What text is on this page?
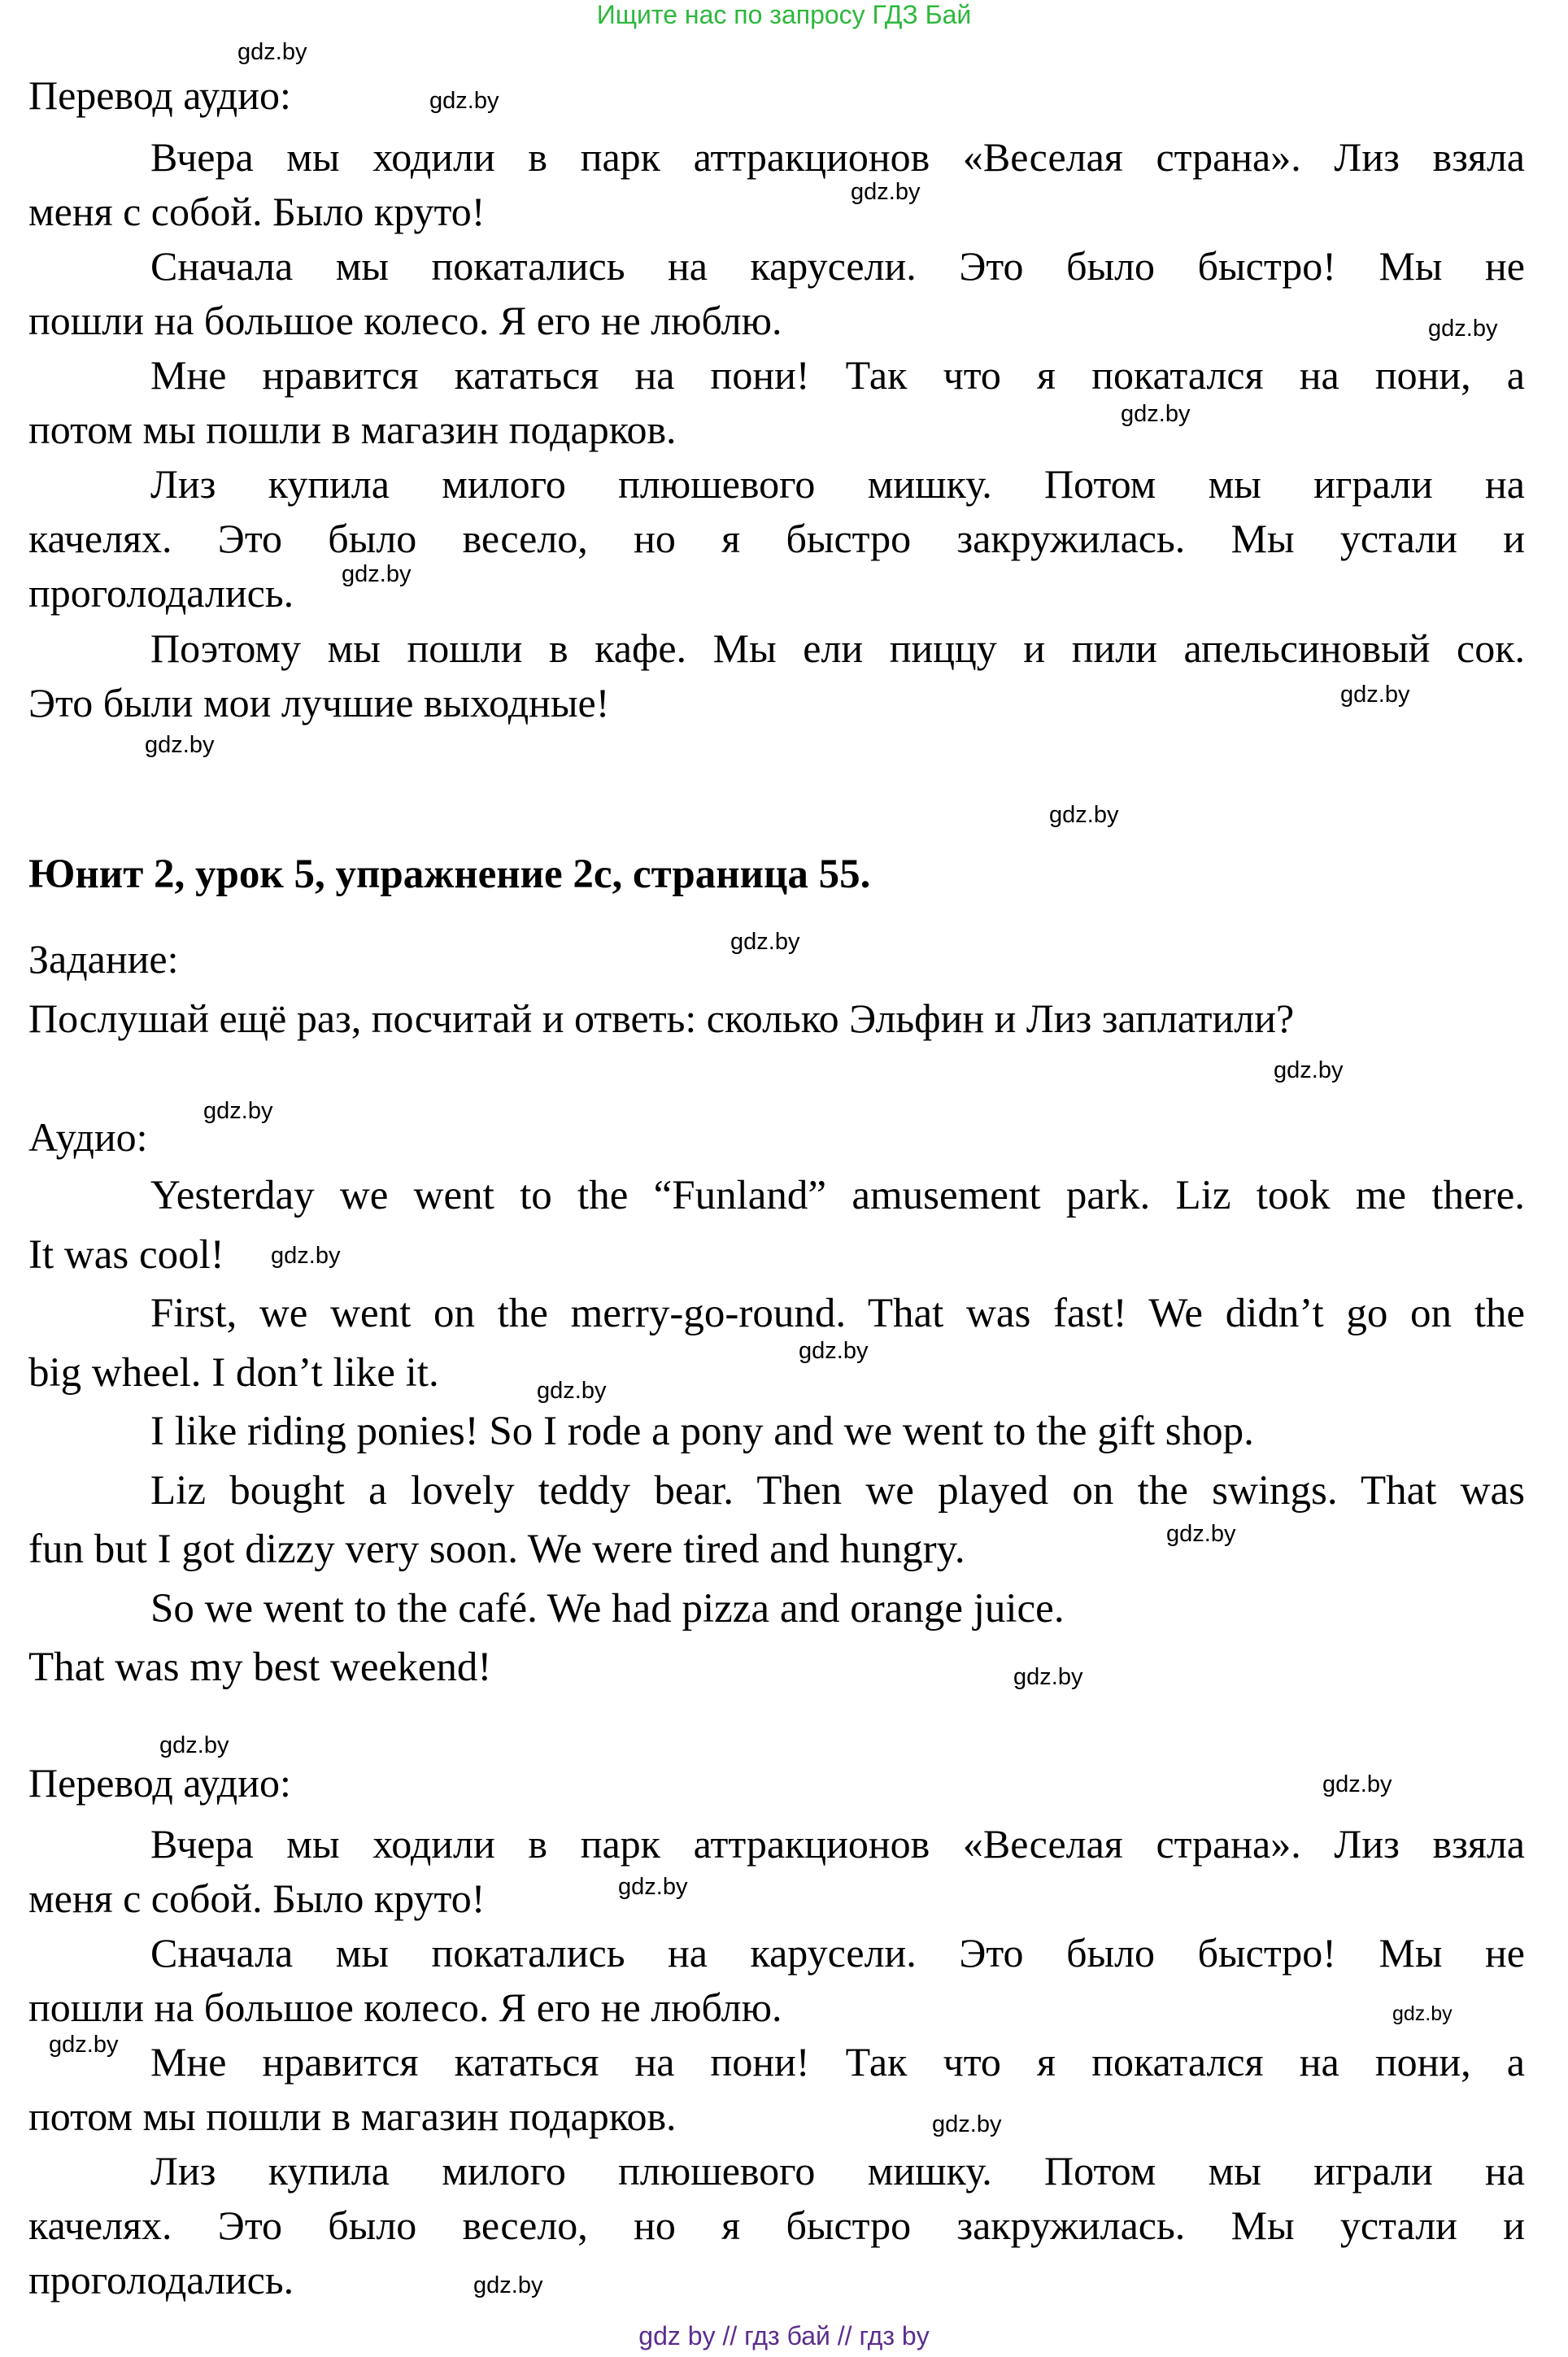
Ищите нас по запросу ГДЗ Бай

Перевод аудио:

Вчера мы ходили в парк аттракционов «Веселая страна». Лиз взяла

меня с собой. Было круто!

Сначала мы покатались на карусели. Это было быстро! Мы не

пошли на большое колесо. Я его не люблю.

Мне нравится кататься на пони! Так что я покатался на пони, а

потом мы пошли в магазин подарков.

Лиз купила милого плюшевого мишку. Потом мы играли на

качелях. Это было весело, но я быстро закружилась. Мы устали и

проголодались.

Поэтому мы пошли в кафе. Мы ели пиццу и пили апельсиновый сок.

Это были мои лучшие выходные!

Юнит 2, урок 5, упражнение 2с, страница 55.

Задание:

Послушай ещё раз, посчитай и ответь: сколько Эльфин и Лиз заплатили?

Аудио:

Yesterday we went to the “Funland” amusement park. Liz took me there.

It was cool!

First, we went on the merry-go-round. That was fast! We didn’t go on the

big wheel. I don’t like it.

I like riding ponies! So I rode a pony and we went to the gift shop.

Liz bought a lovely teddy bear. Then we played on the swings. That was

fun but I got dizzy very soon. We were tired and hungry.

So we went to the café. We had pizza and orange juice.

That was my best weekend!

Перевод аудио:

Вчера мы ходили в парк аттракционов «Веселая страна». Лиз взяла

меня с собой. Было круто!

Сначала мы покатались на карусели. Это было быстро! Мы не

пошли на большое колесо. Я его не люблю.

Мне нравится кататься на пони! Так что я покатался на пони, а

потом мы пошли в магазин подарков.

Лиз купила милого плюшевого мишку. Потом мы играли на

качелях. Это было весело, но я быстро закружилась. Мы устали и

проголодались.

gdz.by
gdz.by
gdz.by
gdz.by
gdz.by
gdz.by
gdz.by
gdz.by
gdz.by
gdz.by
gdz.by
gdz.by
gdz.by
gdz.by
gdz.by
gdz.by
gdz.by
gdz.by
gdz.by
gdz.by
gdz.by
gdz.by
gdz.by
gdz.by
gdz by // гдз бай // гдз by
